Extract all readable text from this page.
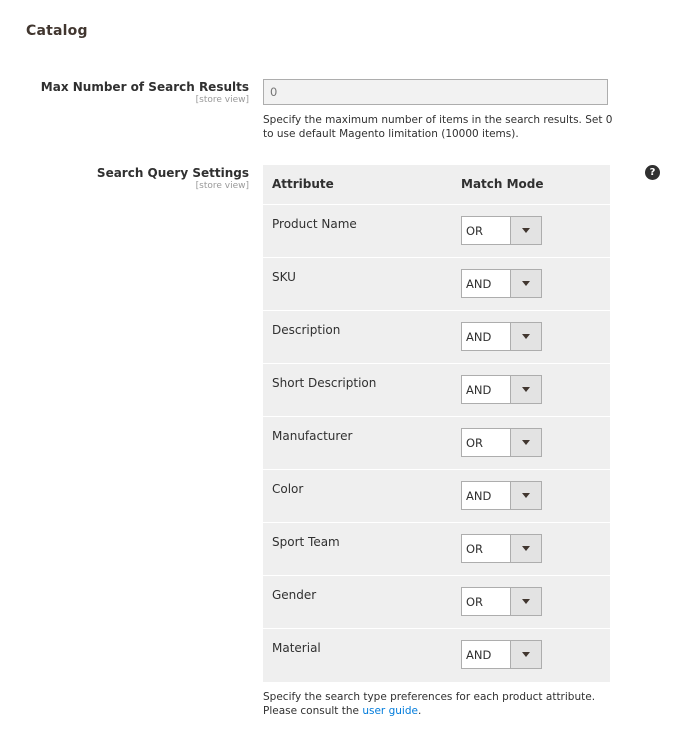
Catalog
Max Number of Search Results
[store view]
0
Specify the maximum number of items in the search results. Set 0 to use default Magento limitation (10000 items).
Search Query Settings
[store view]
?
Attribute	Match Mode
Product Name	OR
SKU	AND
Description	AND
Short Description	AND
Manufacturer	OR
Color	AND
Sport Team	OR
Gender	OR
Material	AND
Specify the search type preferences for each product attribute.
Please consult the user guide.
